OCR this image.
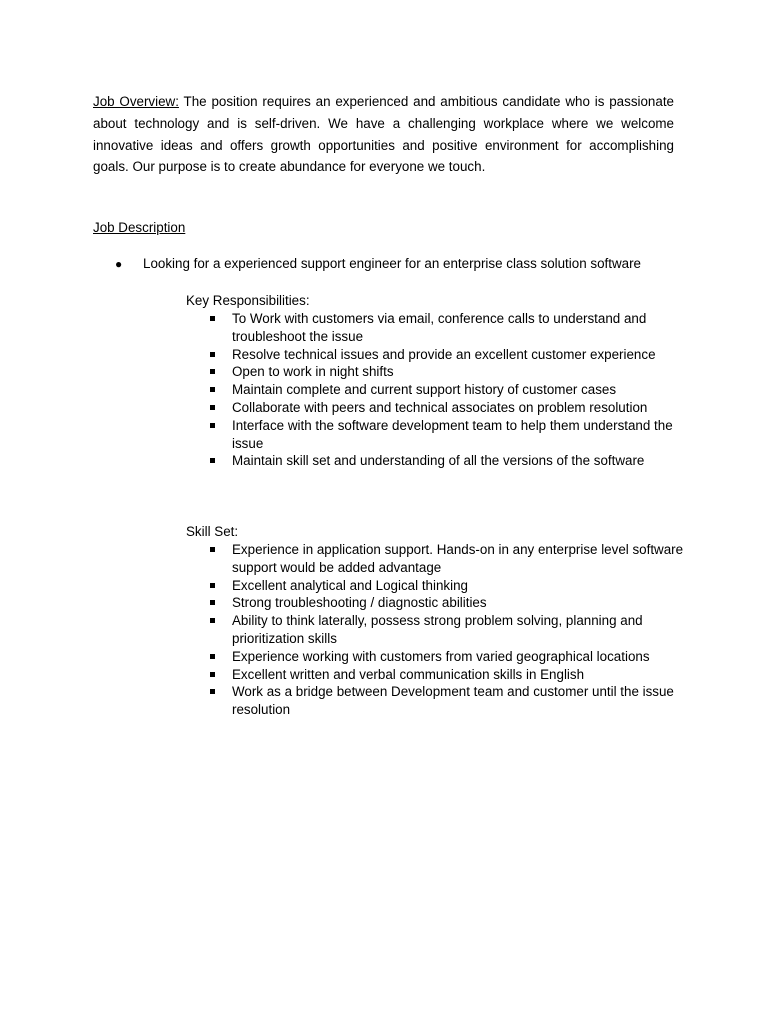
Job Overview: The position requires an experienced and ambitious candidate who is passionate about technology and is self-driven. We have a challenging workplace where we welcome innovative ideas and offers growth opportunities and positive environment for accomplishing goals. Our purpose is to create abundance for everyone we touch.

Job Description

● Looking for a experienced support engineer for an enterprise class solution software

Key Responsibilities:

To Work with customers via email, conference calls to understand and troubleshoot the issue
Resolve technical issues and provide an excellent customer experience
Open to work in night shifts
Maintain complete and current support history of customer cases
Collaborate with peers and technical associates on problem resolution
Interface with the software development team to help them understand the issue
Maintain skill set and understanding of all the versions of the software

Skill Set:

Experience in application support. Hands-on in any enterprise level software support would be added advantage
Excellent analytical and Logical thinking
Strong troubleshooting / diagnostic abilities
Ability to think laterally, possess strong problem solving, planning and prioritization skills
Experience working with customers from varied geographical locations
Excellent written and verbal communication skills in English
Work as a bridge between Development team and customer until the issue resolution
